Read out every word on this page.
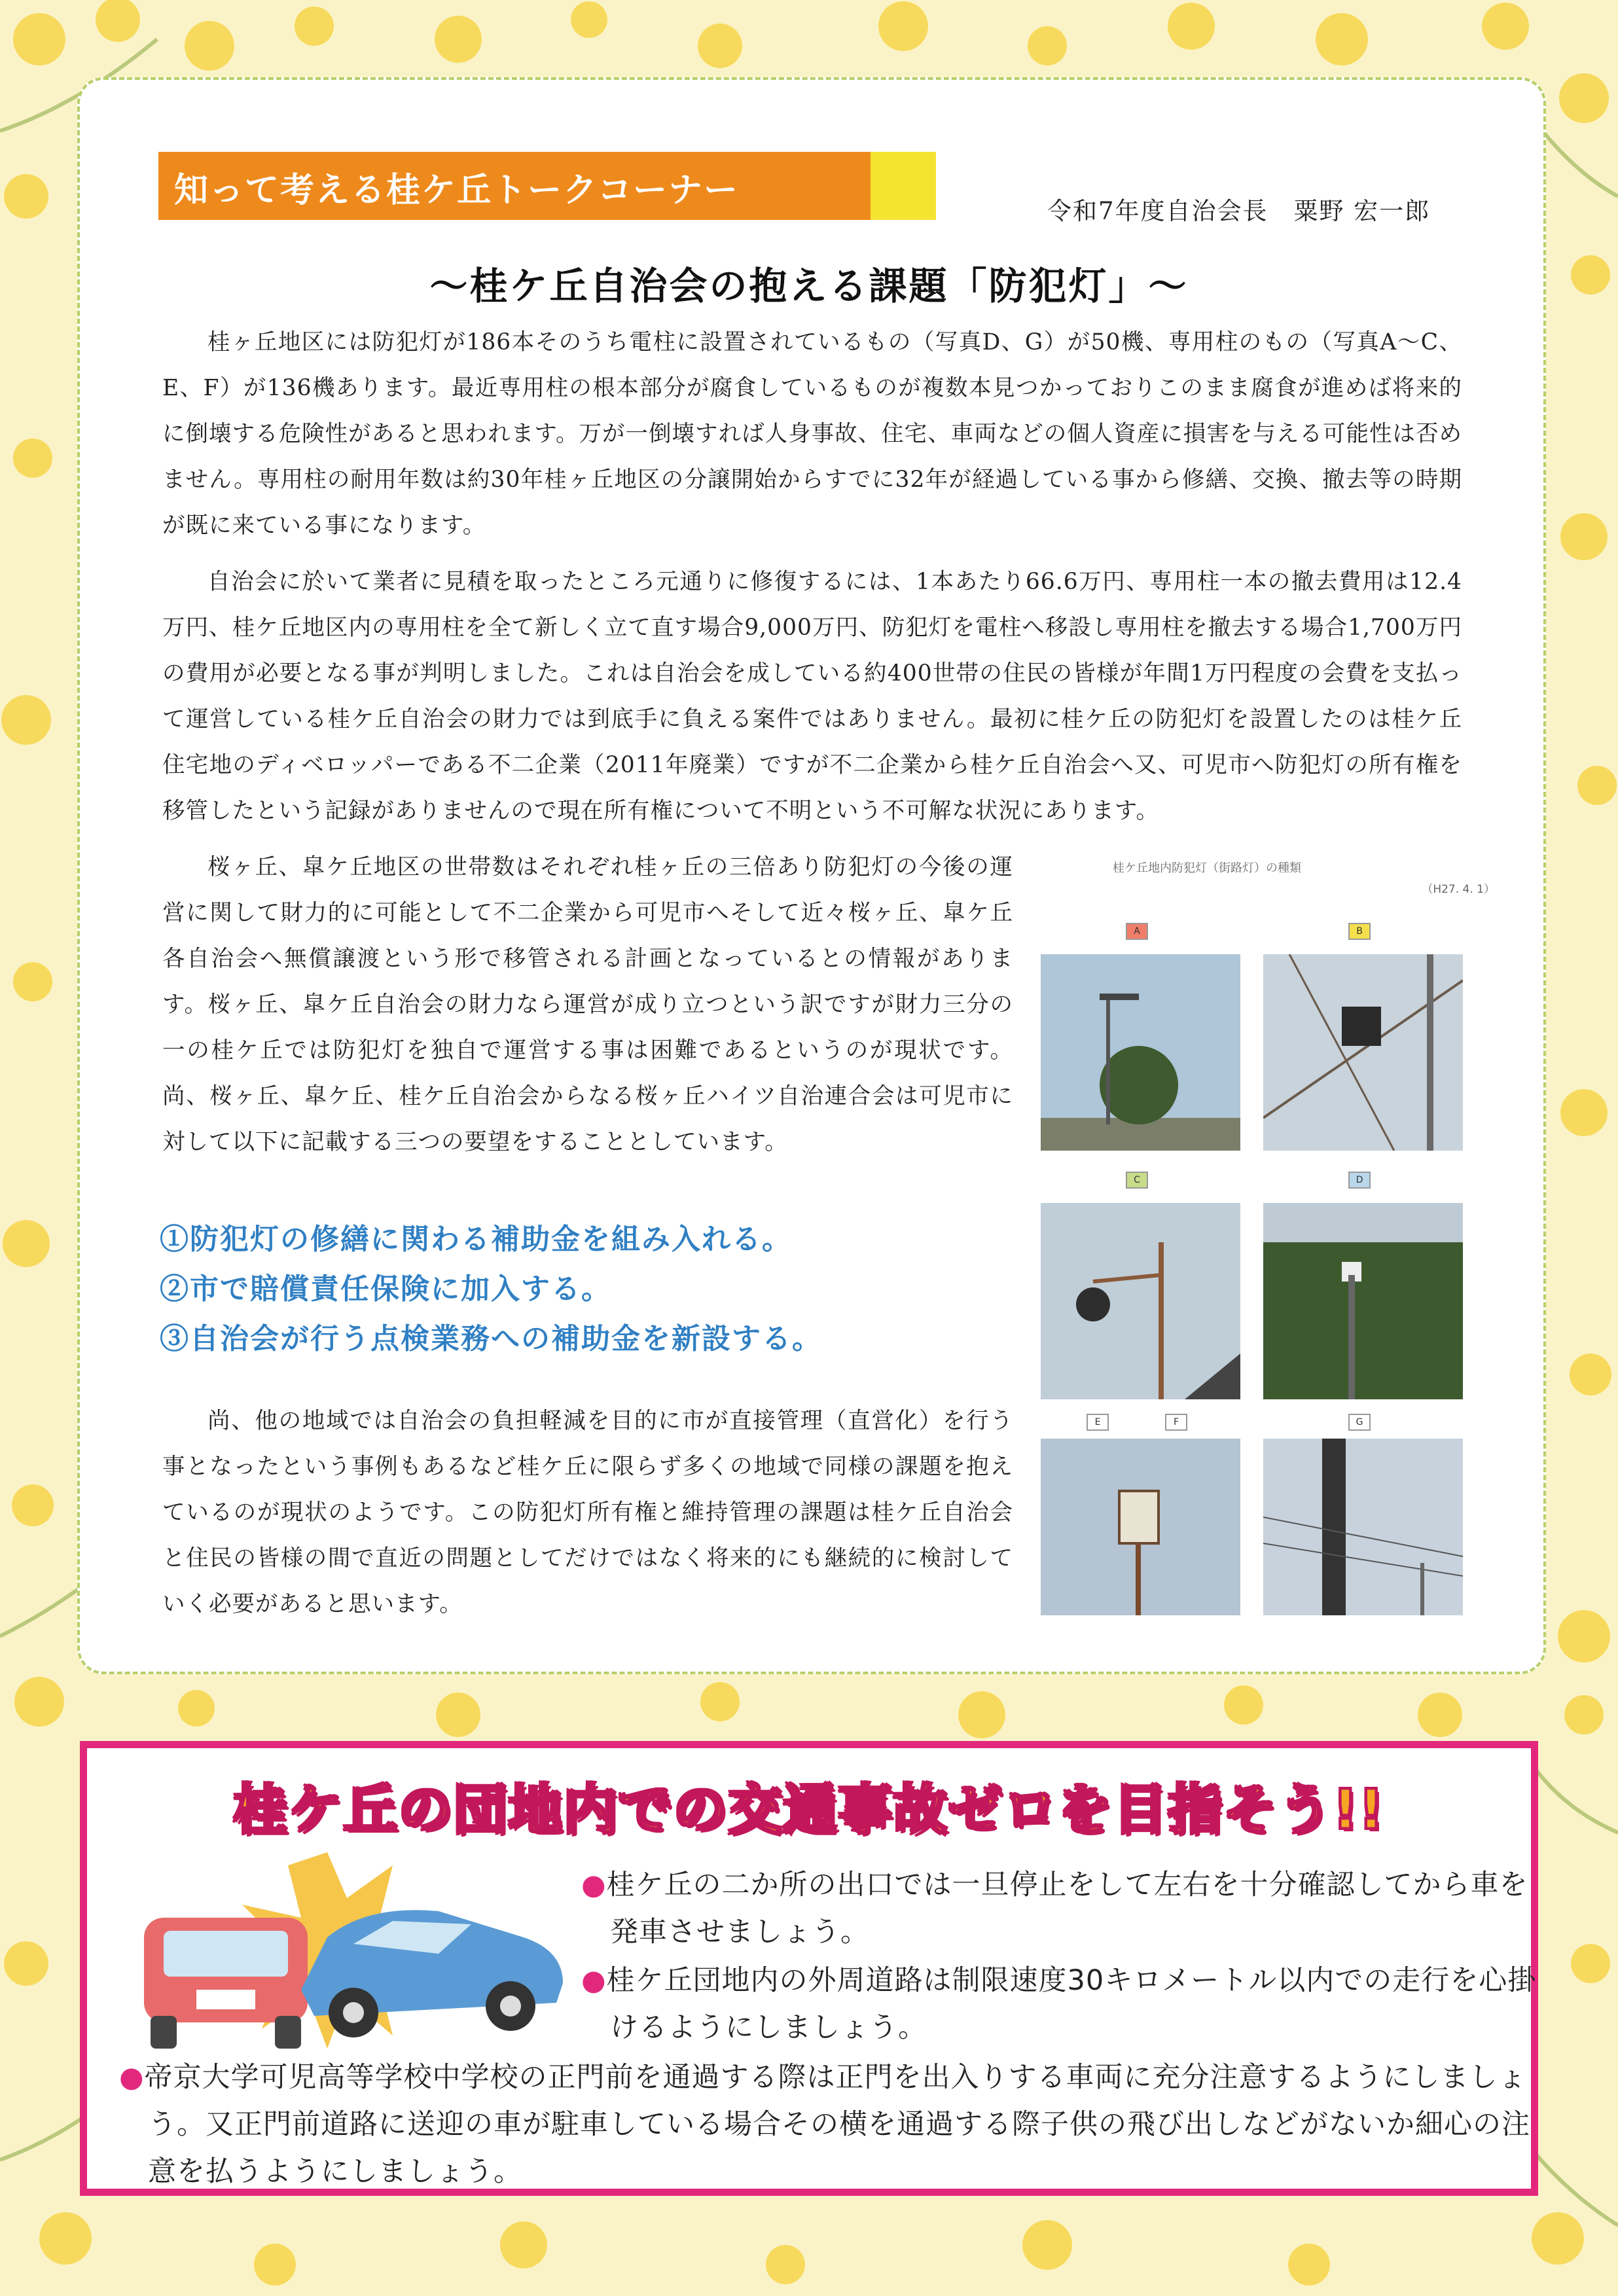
知って考える桂ケ丘トークコーナー
令和7年度自治会長　粟野 宏一郎
～桂ケ丘自治会の抱える課題「防犯灯」～

桂ヶ丘地区には防犯灯が186本そのうち電柱に設置されているもの（写真D、G）が50機、専用柱のもの（写真A～C、E、F）が136機あります。最近専用柱の根本部分が腐食しているものが複数本見つかっておりこのまま腐食が進めば将来的に倒壊する危険性があると思われます。万が一倒壊すれば人身事故、住宅、車両などの個人資産に損害を与える可能性は否めません。専用柱の耐用年数は約30年桂ヶ丘地区の分譲開始からすでに32年が経過している事から修繕、交換、撤去等の時期が既に来ている事になります。

自治会に於いて業者に見積を取ったところ元通りに修復するには、1本あたり66.6万円、専用柱一本の撤去費用は12.4万円、桂ケ丘地区内の専用柱を全て新しく立て直す場合9,000万円、防犯灯を電柱へ移設し専用柱を撤去する場合1,700万円の費用が必要となる事が判明しました。これは自治会を成している約400世帯の住民の皆様が年間1万円程度の会費を支払って運営している桂ケ丘自治会の財力では到底手に負える案件ではありません。最初に桂ケ丘の防犯灯を設置したのは桂ケ丘住宅地のディベロッパーである不二企業（2011年廃業）ですが不二企業から桂ケ丘自治会へ又、可児市へ防犯灯の所有権を移管したという記録がありませんので現在所有権について不明という不可解な状況にあります。

桜ヶ丘、皐ケ丘地区の世帯数はそれぞれ桂ヶ丘の三倍あり防犯灯の今後の運営に関して財力的に可能として不二企業から可児市へそして近々桜ヶ丘、皐ケ丘各自治会へ無償譲渡という形で移管される計画となっているとの情報があります。桜ヶ丘、皐ケ丘自治会の財力なら運営が成り立つという訳ですが財力三分の一の桂ケ丘では防犯灯を独自で運営する事は困難であるというのが現状です。尚、桜ヶ丘、皐ケ丘、桂ケ丘自治会からなる桜ヶ丘ハイツ自治連合会は可児市に対して以下に記載する三つの要望をすることとしています。

①防犯灯の修繕に関わる補助金を組み入れる。
②市で賠償責任保険に加入する。
③自治会が行う点検業務への補助金を新設する。

尚、他の地域では自治会の負担軽減を目的に市が直接管理（直営化）を行う事となったという事例もあるなど桂ケ丘に限らず多くの地域で同様の課題を抱えているのが現状のようです。この防犯灯所有権と維持管理の課題は桂ケ丘自治会と住民の皆様の間で直近の問題としてだけではなく将来的にも継続的に検討していく必要があると思います。

桂ケ丘地内防犯灯（街路灯）の種類
（H27. 4. 1）
A	B
C	D
E	F	G
桂ケ丘の団地内での交通事故ゼロを目指そう!!

●桂ケ丘の二か所の出口では一旦停止をして左右を十分確認してから車を発車させましょう。

●桂ケ丘団地内の外周道路は制限速度30キロメートル以内での走行を心掛けるようにしましょう。

●帝京大学可児高等学校中学校の正門前を通過する際は正門を出入りする車両に充分注意するようにしましょう。又正門前道路に送迎の車が駐車している場合その横を通過する際子供の飛び出しなどがないか細心の注意を払うようにしましょう。
